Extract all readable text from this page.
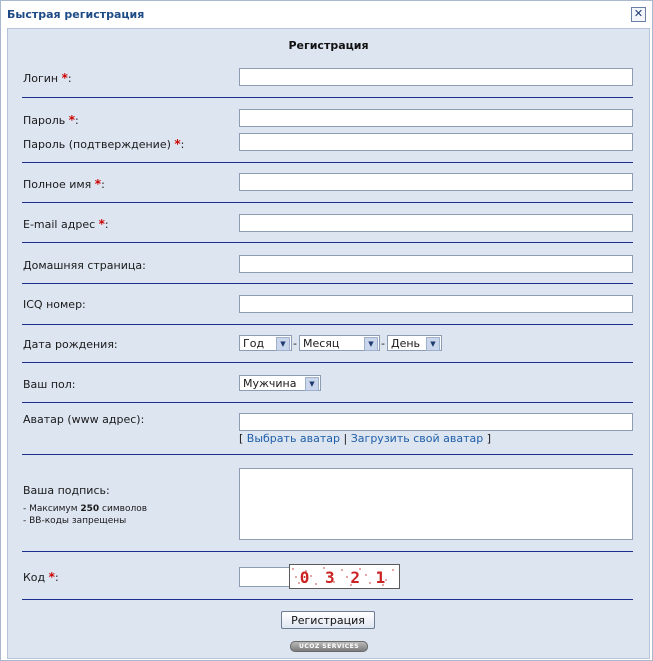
Быстрая регистрация	✕
Регистрация
Логин *:
Пароль *:
Пароль (подтверждение) *:
Полное имя *:
E-mail адрес *:
Домашняя страница:
ICQ номер:
Дата рождения:	Год	▼ - Месяц	▼ - День	▼
Ваш пол:	Мужчина	▼
Аватар (www адрес):
[ Выбрать аватар | Загрузить свой аватар ]
Ваша подпись:
- Максимум 250 символов
- BB-коды запрещены
Код *:	0 3 2 1
Регистрация
UCOZ SERVICES
